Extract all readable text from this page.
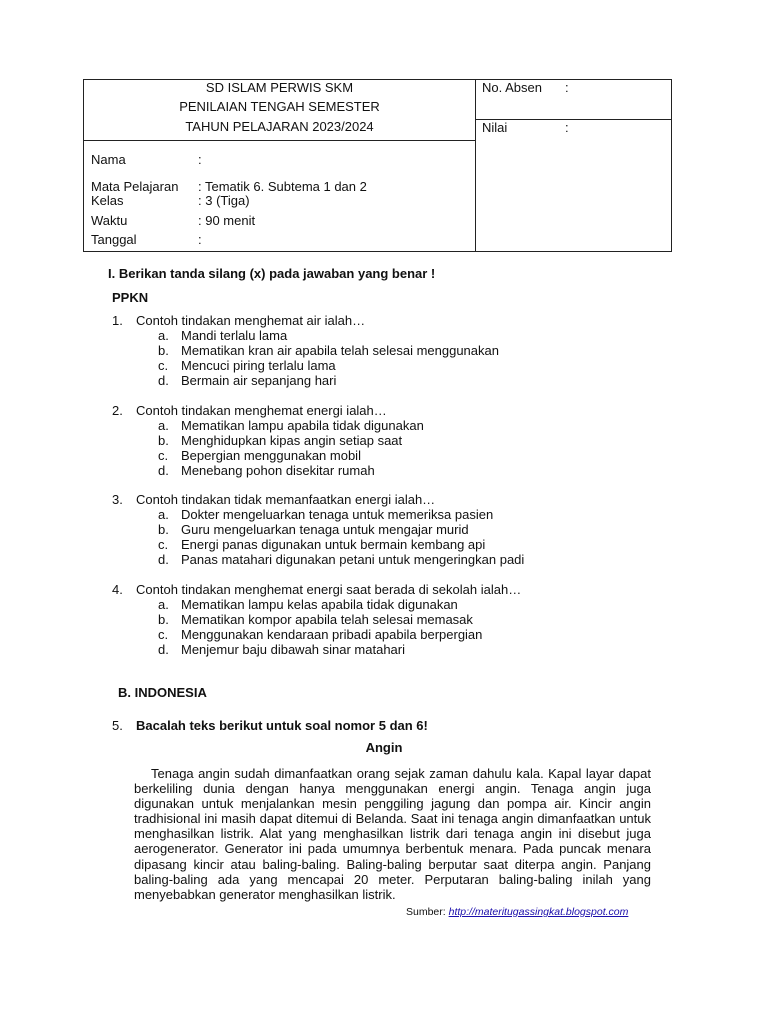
SD ISLAM PERWIS SKM
PENILAIAN TENGAH SEMESTER
TAHUN PELAJARAN 2023/2024
Nama	:
Mata Pelajaran : Tematik 6. Subtema 1 dan 2
Kelas	: 3 (Tiga)
Waktu	: 90 menit
Tanggal	:
No. Absen :
Nilai	:
I. Berikan tanda silang (x) pada jawaban yang benar !
PPKN
1. Contoh tindakan menghemat air ialah…
a. Mandi terlalu lama
b. Mematikan kran air apabila telah selesai menggunakan
c. Mencuci piring terlalu lama
d. Bermain air sepanjang hari
2. Contoh tindakan menghemat energi ialah…
a. Mematikan lampu apabila tidak digunakan
b. Menghidupkan kipas angin setiap saat
c. Bepergian menggunakan mobil
d. Menebang pohon disekitar rumah
3. Contoh tindakan tidak memanfaatkan energi ialah…
a. Dokter mengeluarkan tenaga untuk memeriksa pasien
b. Guru mengeluarkan tenaga untuk mengajar murid
c. Energi panas digunakan untuk bermain kembang api
d. Panas matahari digunakan petani untuk mengeringkan padi
4. Contoh tindakan menghemat energi saat berada di sekolah ialah…
a. Mematikan lampu kelas apabila tidak digunakan
b. Mematikan kompor apabila telah selesai memasak
c. Menggunakan kendaraan pribadi apabila berpergian
d. Menjemur baju dibawah sinar matahari
B. INDONESIA
5. Bacalah teks berikut untuk soal nomor 5 dan 6!
Angin
Tenaga angin sudah dimanfaatkan orang sejak zaman dahulu kala. Kapal layar dapat berkeliling dunia dengan hanya menggunakan energi angin. Tenaga angin juga digunakan untuk menjalankan mesin penggiling jagung dan pompa air. Kincir angin tradhisional ini masih dapat ditemui di Belanda. Saat ini tenaga angin dimanfaatkan untuk menghasilkan listrik. Alat yang menghasilkan listrik dari tenaga angin ini disebut juga aerogenerator. Generator ini pada umumnya berbentuk menara. Pada puncak menara dipasang kincir atau baling-baling. Baling-baling berputar saat diterpa angin. Panjang baling-baling ada yang mencapai 20 meter. Perputaran baling-baling inilah yang menyebabkan generator menghasilkan listrik.
Sumber: http://materitugassingkat.blogspot.com
